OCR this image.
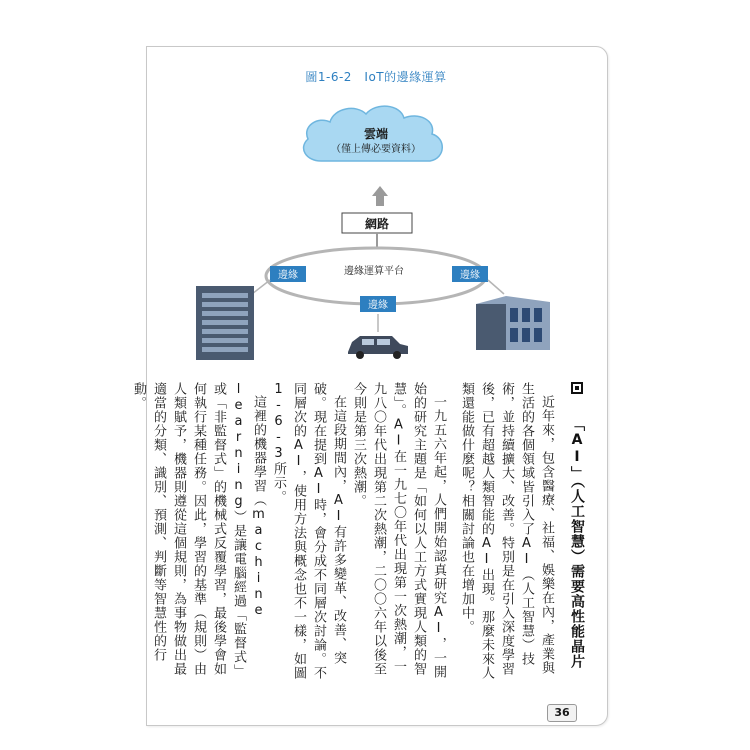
圖1-6-2　IoT的邊緣運算
雲端
（僅上傳必要資料）
網路
邊緣運算平台
邊緣	邊緣
邊緣
「AI」（人工智慧）需要高性能晶片

近年來，包含醫療、社福、娛樂在內，產業與生活的各個領域皆引入了AI（人工智慧）技術，並持續擴大、改善。特別是在引入深度學習後，已有超越人類智能的AI出現。那麼未來人類還能做什麼呢？相關討論也在增加中。

一九五六年起，人們開始認真研究AI，一開始的研究主題是「如何以人工方式實現人類的智慧」。AI在一九七〇年代出現第一次熱潮，一九八〇年代出現第二次熱潮，二〇〇六年以後至今則是第三次熱潮。

在這段期間內，AI有許多變革、改善、突破。現在提到AI時，會分成不同層次討論。不同層次的AI，使用方法與概念也不一樣，如圖1-6-3所示。

這裡的機器學習（machine learning）是讓電腦經過「監督式」或「非監督式」的機械式反覆學習，最後學會如何執行某種任務。因此，學習的基準（規則）由人類賦予，機器則遵從這個規則，為事物做出最適當的分類、識別、預測、判斷等智慧性的行動。

36
